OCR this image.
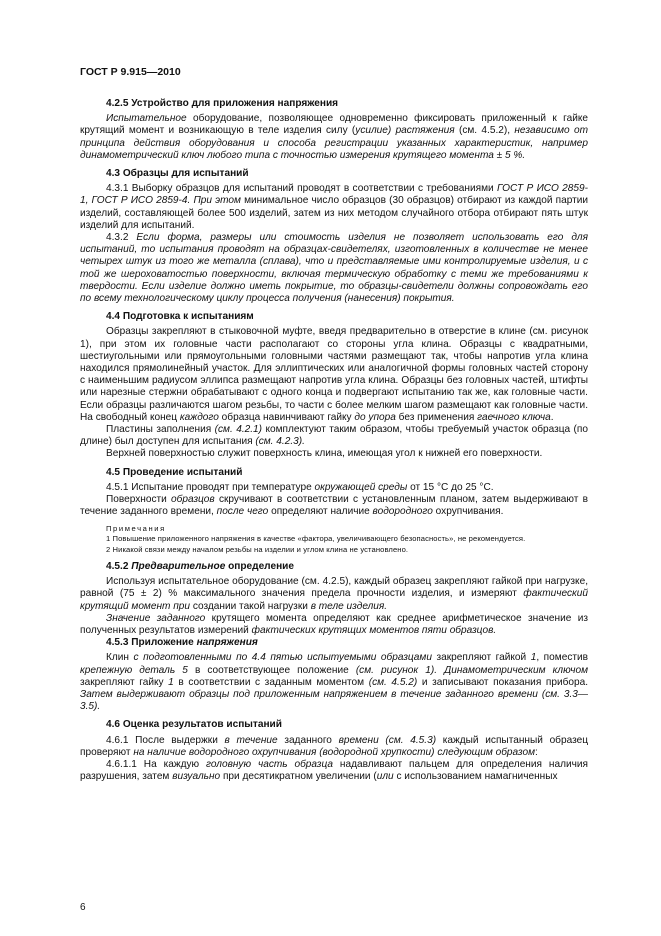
ГОСТ Р 9.915—2010

4.2.5 Устройство для приложения напряжения

Испытательное оборудование, позволяющее одновременно фиксировать приложенный к гайке крутящий момент и возникающую в теле изделия силу (усилие) растяжения (см. 4.5.2), независимо от принципа действия оборудования и способа регистрации указанных характеристик, например динамометрический ключ любого типа с точностью измерения крутящего момента ± 5 %.

4.3 Образцы для испытаний

4.3.1 Выборку образцов для испытаний проводят в соответствии с требованиями ГОСТ Р ИСО 2859-1, ГОСТ Р ИСО 2859-4. При этом минимальное число образцов (30 образцов) отбирают из каждой партии изделий, составляющей более 500 изделий, затем из них методом случайного отбора отбирают пять штук изделий для испытаний.

4.3.2 Если форма, размеры или стоимость изделия не позволяет использовать его для испытаний, то испытания проводят на образцах-свидетелях, изготовленных в количестве не менее четырех штук из того же металла (сплава), что и представляемые ими контролируемые изделия, и с той же шероховатостью поверхности, включая термическую обработку с теми же требованиями к твердости. Если изделие должно иметь покрытие, то образцы-свидетели должны сопровождать его по всему технологическому циклу процесса получения (нанесения) покрытия.

4.4 Подготовка к испытаниям

Образцы закрепляют в стыковочной муфте, введя предварительно в отверстие в клине (см. рисунок 1), при этом их головные части располагают со стороны угла клина. Образцы с квадратными, шестиугольными или прямоугольными головными частями размещают так, чтобы напротив угла клина находился прямолинейный участок. Для эллиптических или аналогичной формы головных частей сторону с наименьшим радиусом эллипса размещают напротив угла клина. Образцы без головных частей, штифты или нарезные стержни обрабатывают с одного конца и подвергают испытанию так же, как головные части. Если образцы различаются шагом резьбы, то части с более мелким шагом размещают как головные части. На свободный конец каждого образца навинчивают гайку до упора без применения гаечного ключа.

Пластины заполнения (см. 4.2.1) комплектуют таким образом, чтобы требуемый участок образца (по длине) был доступен для испытания (см. 4.2.3).

Верхней поверхностью служит поверхность клина, имеющая угол к нижней его поверхности.

4.5 Проведение испытаний

4.5.1 Испытание проводят при температуре окружающей среды от 15 °С до 25 °С.

Поверхности образцов скручивают в соответствии с установленным планом, затем выдерживают в течение заданного времени, после чего определяют наличие водородного охрупчивания.

Примечания

1 Повышение приложенного напряжения в качестве «фактора, увеличивающего безопасность», не рекомендуется.

2 Никакой связи между началом резьбы на изделии и углом клина не установлено.

4.5.2 Предварительное определение

Используя испытательное оборудование (см. 4.2.5), каждый образец закрепляют гайкой при нагрузке, равной (75 ± 2) % максимального значения предела прочности изделия, и измеряют фактический крутящий момент при создании такой нагрузки в теле изделия.

Значение заданного крутящего момента определяют как среднее арифметическое значение из полученных результатов измерений фактических крутящих моментов пяти образцов.

4.5.3 Приложение напряжения

Клин с подготовленными по 4.4 пятью испытуемыми образцами закрепляют гайкой 1, поместив крепежную деталь 5 в соответствующее положение (см. рисунок 1). Динамометрическим ключом закрепляют гайку 1 в соответствии с заданным моментом (см. 4.5.2) и записывают показания прибора. Затем выдерживают образцы под приложенным напряжением в течение заданного времени (см. 3.3—3.5).

4.6 Оценка результатов испытаний

4.6.1 После выдержки в течение заданного времени (см. 4.5.3) каждый испытанный образец проверяют на наличие водородного охрупчивания (водородной хрупкости) следующим образом:

4.6.1.1 На каждую головную часть образца надавливают пальцем для определения наличия разрушения, затем визуально при десятикратном увеличении (или с использованием намагниченных

6
